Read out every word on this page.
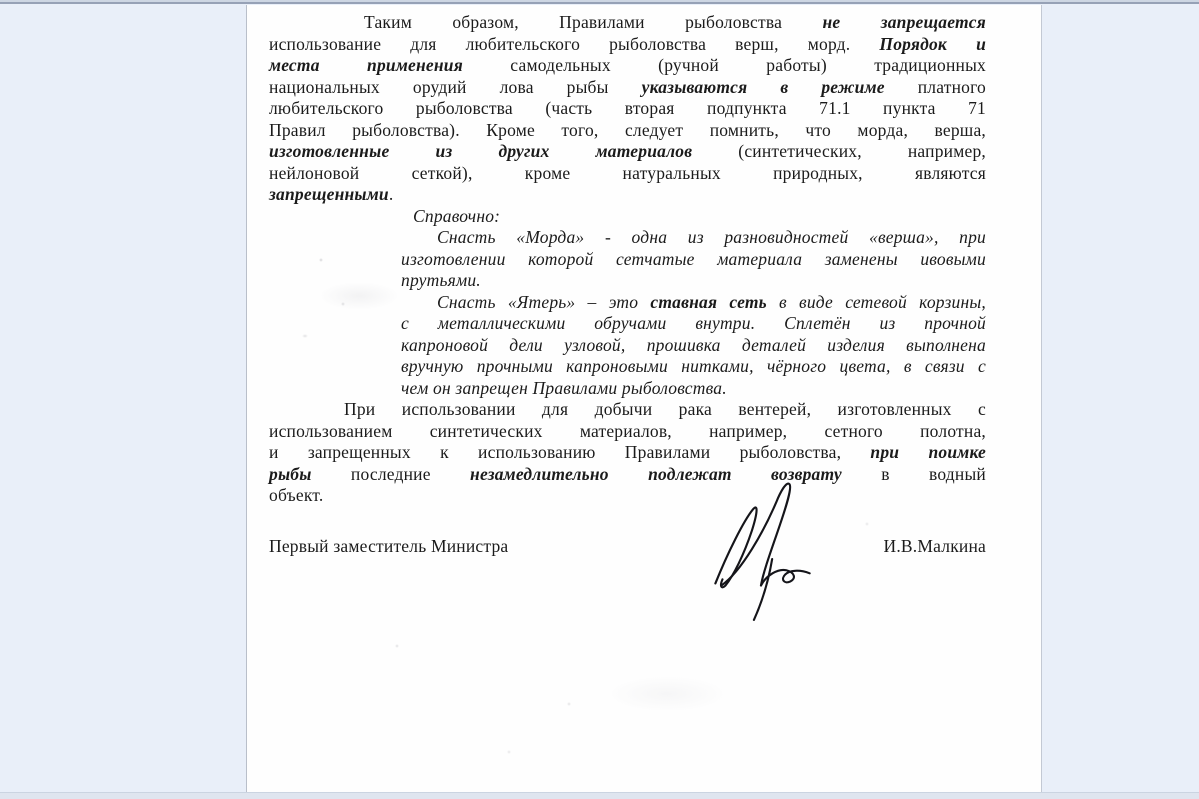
Таким образом, Правилами рыболовства не запрещается
использование для любительского рыболовства верш, морд. Порядок и
места применения самодельных (ручной работы) традиционных
национальных орудий лова рыбы указываются в режиме платного
любительского рыболовства (часть вторая подпункта 71.1 пункта 71
Правил рыболовства). Кроме того, следует помнить, что морда, верша,
изготовленные из других материалов (синтетических, например,
нейлоновой сеткой), кроме натуральных природных, являются
запрещенными.
Справочно:
Снасть «Морда» - одна из разновидностей «верша», при
изготовлении которой сетчатые материала заменены ивовыми
прутьями.
Снасть «Ятерь» – это ставная сеть в виде сетевой корзины,
с металлическими обручами внутри. Сплетён из прочной
капроновой дели узловой, прошивка деталей изделия выполнена
вручную прочными капроновыми нитками, чёрного цвета, в связи с
чем он запрещен Правилами рыболовства.
При использовании для добычи рака вентерей, изготовленных с
использованием синтетических материалов, например, сетного полотна,
и запрещенных к использованию Правилами рыболовства, при поимке
рыбы последние незамедлительно подлежат возврату в водный
объект.
Первый заместитель Министра	И.В.Малкина
